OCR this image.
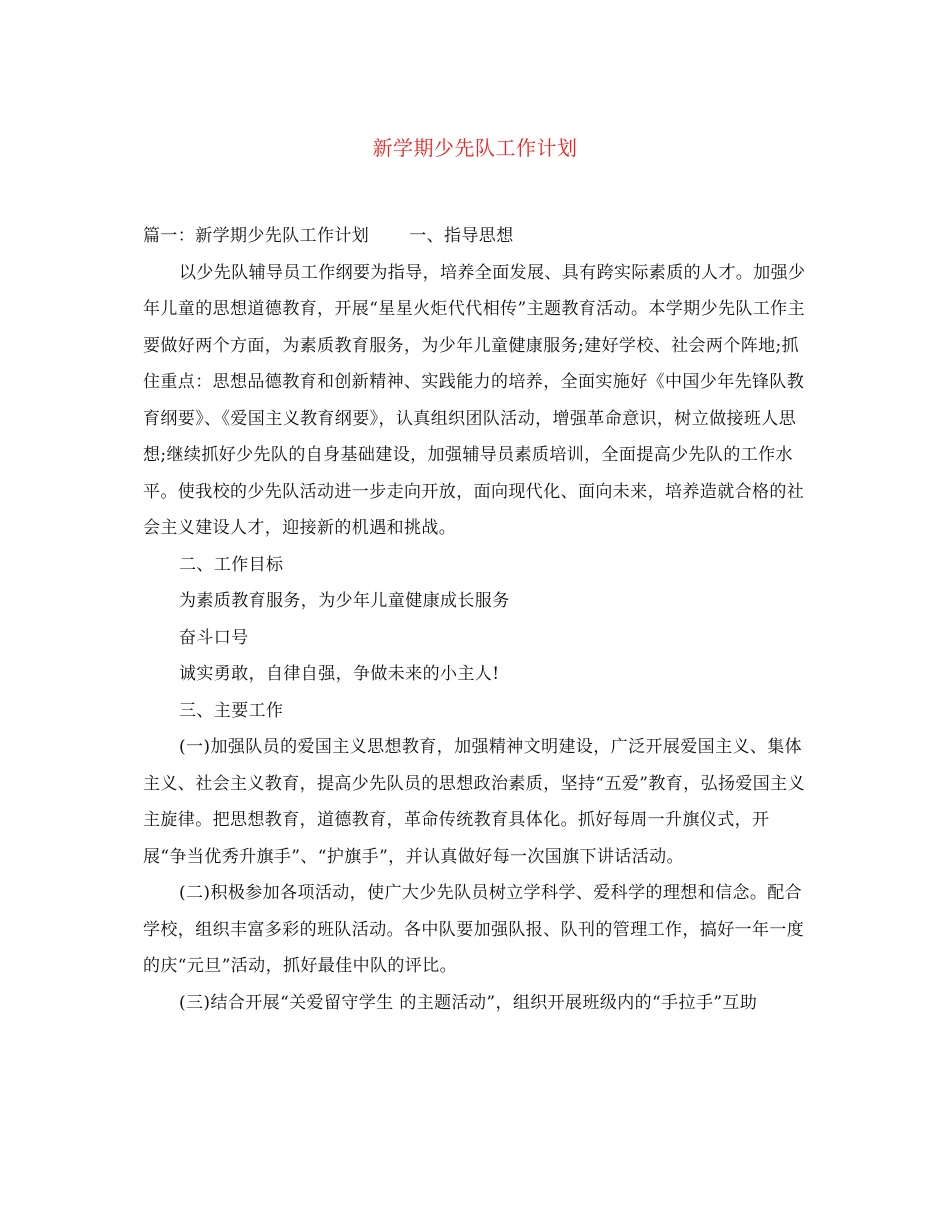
新学期少先队工作计划

篇一：新学期少先队工作计划 一、指导思想

以少先队辅导员工作纲要为指导，培养全面发展、具有跨实际素质的人才。加强少年儿童的思想道德教育，开展“星星火炬代代相传”主题教育活动。本学期少先队工作主要做好两个方面，为素质教育服务，为少年儿童健康服务;建好学校、社会两个阵地;抓住重点：思想品德教育和创新精神、实践能力的培养，全面实施好《中国少年先锋队教育纲要》、《爱国主义教育纲要》，认真组织团队活动，增强革命意识，树立做接班人思想;继续抓好少先队的自身基础建设，加强辅导员素质培训，全面提高少先队的工作水平。使我校的少先队活动进一步走向开放，面向现代化、面向未来，培养造就合格的社会主义建设人才，迎接新的机遇和挑战。

二、工作目标

为素质教育服务，为少年儿童健康成长服务

奋斗口号

诚实勇敢，自律自强，争做未来的小主人!

三、主要工作

(一)加强队员的爱国主义思想教育，加强精神文明建设，广泛开展爱国主义、集体主义、社会主义教育，提高少先队员的思想政治素质，坚持“五爱”教育，弘扬爱国主义主旋律。把思想教育，道德教育，革命传统教育具体化。抓好每周一升旗仪式，开展“争当优秀升旗手”、“护旗手”，并认真做好每一次国旗下讲话活动。

(二)积极参加各项活动，使广大少先队员树立学科学、爱科学的理想和信念。配合学校，组织丰富多彩的班队活动。各中队要加强队报、队刊的管理工作，搞好一年一度的庆“元旦”活动，抓好最佳中队的评比。

(三)结合开展“关爱留守学生 的主题活动”，组织开展班级内的“手拉手”互助
